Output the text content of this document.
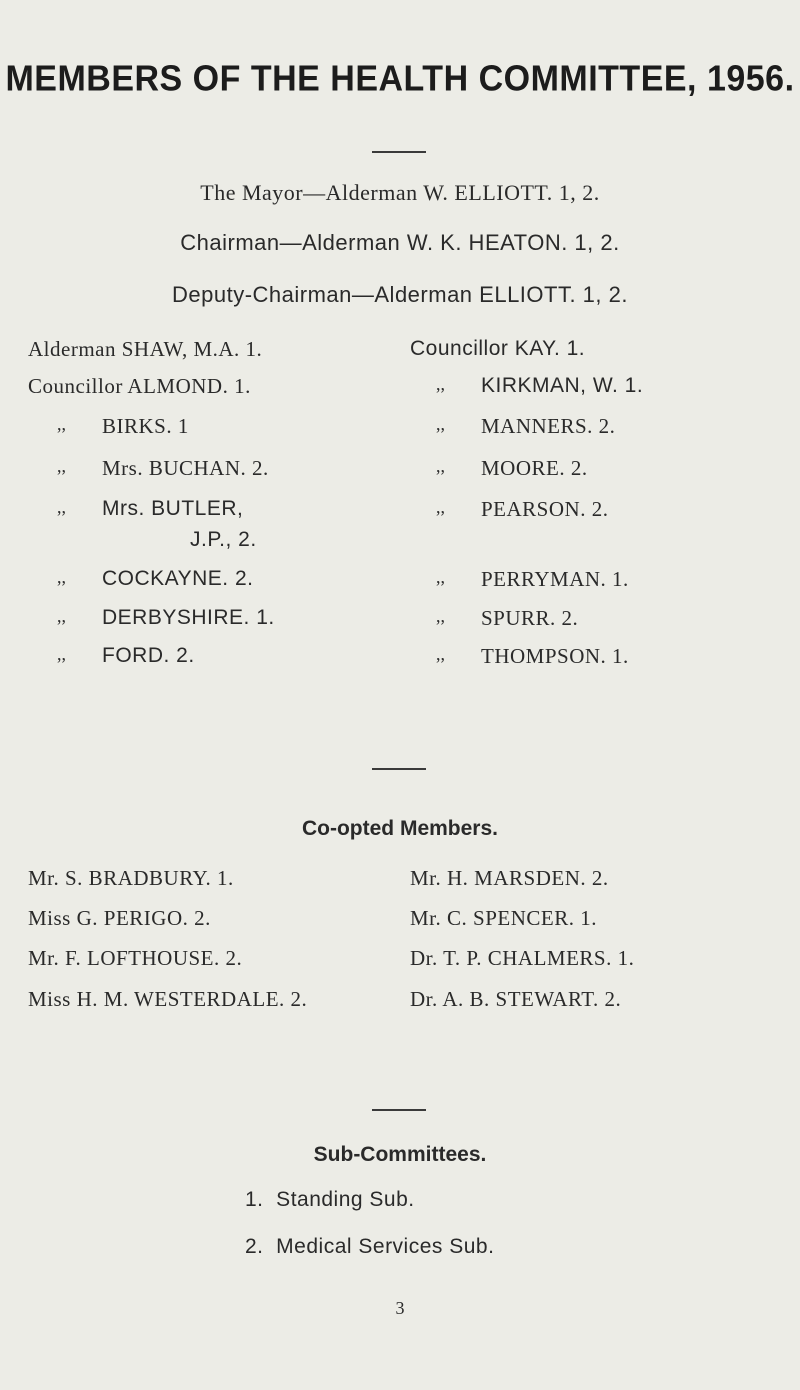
MEMBERS OF THE HEALTH COMMITTEE, 1956.
The Mayor—Alderman W. ELLIOTT. 1, 2.
Chairman—Alderman W. K. HEATON. 1, 2.
Deputy-Chairman—Alderman ELLIOTT. 1, 2.
Alderman SHAW, M.A. 1.
Councillor ALMOND. 1.
,, BIRKS. 1
,, Mrs. BUCHAN. 2.
,, Mrs. BUTLER,
J.P., 2.
,, COCKAYNE. 2.
,, DERBYSHIRE. 1.
,, FORD. 2.
Councillor KAY. 1.
,, KIRKMAN, W. 1.
,, MANNERS. 2.
,, MOORE. 2.
,, PEARSON. 2.
,, PERRYMAN. 1.
,, SPURR. 2.
,, THOMPSON. 1.
Co-opted Members.
Mr. S. BRADBURY. 1.
Miss G. PERIGO. 2.
Mr. F. LOFTHOUSE. 2.
Miss H. M. WESTERDALE. 2.
Mr. H. MARSDEN. 2.
Mr. C. SPENCER. 1.
Dr. T. P. CHALMERS. 1.
Dr. A. B. STEWART. 2.
Sub-Committees.
1.  Standing Sub.
2.  Medical Services Sub.
3
